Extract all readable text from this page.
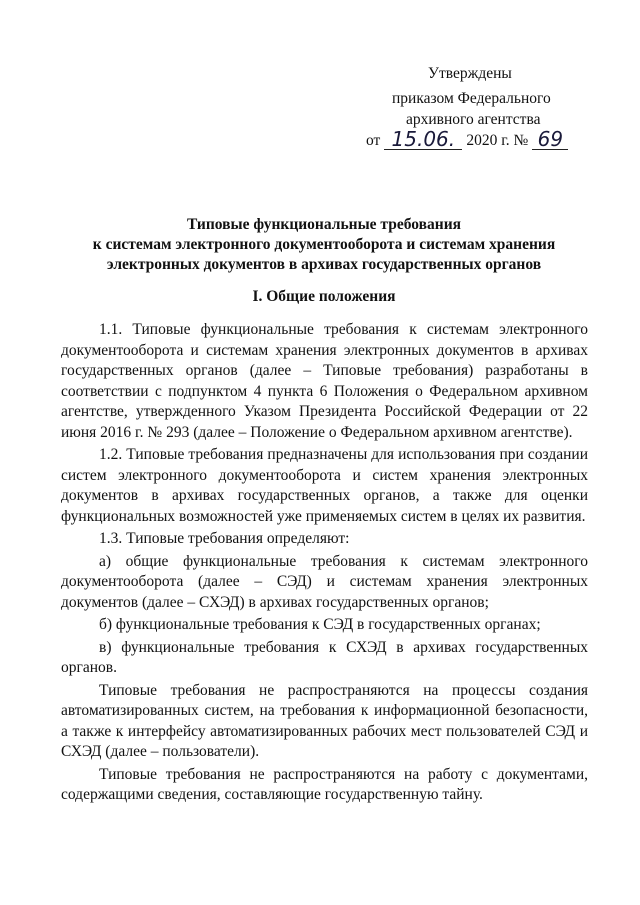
Утверждены
приказом Федерального
архивного агентства
от 15.06. 2020 г. № 69
Типовые функциональные требования
к системам электронного документооборота и системам хранения
электронных документов в архивах государственных органов
I. Общие положения

1.1. Типовые функциональные требования к системам электронного документооборота и системам хранения электронных документов в архивах государственных органов (далее – Типовые требования) разработаны в соответствии с подпунктом 4 пункта 6 Положения о Федеральном архивном агентстве, утвержденного Указом Президента Российской Федерации от 22 июня 2016 г. № 293 (далее – Положение о Федеральном архивном агентстве).

1.2. Типовые требования предназначены для использования при создании систем электронного документооборота и систем хранения электронных документов в архивах государственных органов, а также для оценки функциональных возможностей уже применяемых систем в целях их развития.

1.3. Типовые требования определяют:

а) общие функциональные требования к системам электронного документооборота (далее – СЭД) и системам хранения электронных документов (далее – СХЭД) в архивах государственных органов;

б) функциональные требования к СЭД в государственных органах;

в) функциональные требования к СХЭД в архивах государственных органов.

Типовые требования не распространяются на процессы создания автоматизированных систем, на требования к информационной безопасности, а также к интерфейсу автоматизированных рабочих мест пользователей СЭД и СХЭД (далее – пользователи).

Типовые требования не распространяются на работу с документами, содержащими сведения, составляющие государственную тайну.
